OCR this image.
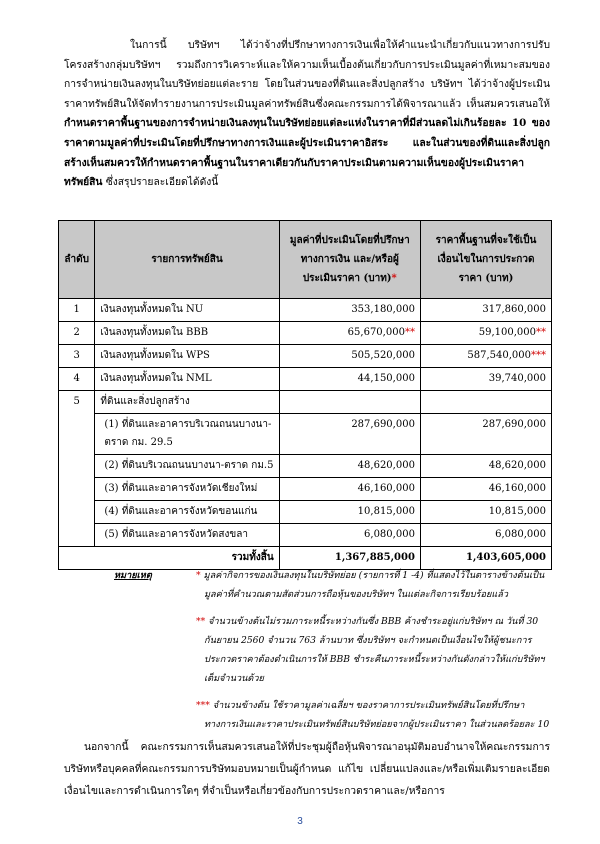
ในการนี้ บริษัทฯ ได้ว่าจ้างที่ปรึกษาทางการเงินเพื่อให้คำแนะนำเกี่ยวกับแนวทางการปรับโครงสร้างกลุ่มบริษัทฯ รวมถึงการวิเคราะห์และให้ความเห็นเบื้องต้นเกี่ยวกับการประเมินมูลค่าที่เหมาะสมของการจำหน่ายเงินลงทุนในบริษัทย่อยแต่ละราย โดยในส่วนของที่ดินและสิ่งปลูกสร้าง บริษัทฯ ได้ว่าจ้างผู้ประเมินราคาทรัพย์สินให้จัดทำรายงานการประเมินมูลค่าทรัพย์สินซึ่งคณะกรรมการได้พิจารณาแล้ว เห็นสมควรเสนอให้กำหนดราคาพื้นฐานของการจำหน่ายเงินลงทุนในบริษัทย่อยแต่ละแห่งในราคาที่มีส่วนลดไม่เกินร้อยละ 10 ของราคาตามมูลค่าที่ประเมินโดยที่ปรึกษาทางการเงินและผู้ประเมินราคาอิสระ และในส่วนของที่ดินและสิ่งปลูกสร้างเห็นสมควรให้กำหนดราคาพื้นฐานในราคาเดียวกันกับราคาประเมินตามความเห็นของผู้ประเมินราคาทรัพย์สิน ซึ่งสรุปรายละเอียดได้ดังนี้

ลำดับ	รายการทรัพย์สิน	มูลค่าที่ประเมินโดยที่ปรึกษาทางการเงิน และ/หรือผู้ประเมินราคา (บาท)*	ราคาพื้นฐานที่จะใช้เป็นเงื่อนไขในการประกวดราคา (บาท)
1	เงินลงทุนทั้งหมดใน NU	353,180,000	317,860,000
2	เงินลงทุนทั้งหมดใน BBB	65,670,000**	59,100,000**
3	เงินลงทุนทั้งหมดใน WPS	505,520,000	587,540,000***
4	เงินลงทุนทั้งหมดใน NML	44,150,000	39,740,000
5	ที่ดินและสิ่งปลูกสร้าง		

	(1) ที่ดินและอาคารบริเวณถนนบางนา-ตราด กม. 29.5	287,690,000	287,690,000

	(2) ที่ดินบริเวณถนนบางนา-ตราด กม.5	48,620,000	48,620,000

	(3) ที่ดินและอาคารจังหวัดเชียงใหม่	46,160,000	46,160,000

	(4) ที่ดินและอาคารจังหวัดขอนแก่น	10,815,000	10,815,000

	(5) ที่ดินและอาคารจังหวัดสงขลา	6,080,000	6,080,000
รวมทั้งสิ้น		1,367,885,000	1,403,605,000
หมายเหตุ	* มูลค่ากิจการของเงินลงทุนในบริษัทย่อย (รายการที่ 1 -4) ที่แสดงไว้ในตารางข้างต้นเป็นมูลค่าที่คำนวณตามสัดส่วนการถือหุ้นของบริษัทฯ ในแต่ละกิจการเรียบร้อยแล้ว
** จำนวนข้างต้นไม่รวมภาระหนี้ระหว่างกันซึ่ง BBB ค้างชำระอยู่แก่บริษัทฯ ณ วันที่ 30 กันยายน 2560 จำนวน 763 ล้านบาท ซึ่งบริษัทฯ จะกำหนดเป็นเงื่อนไขให้ผู้ชนะการประกวดราคาต้องดำเนินการให้ BBB ชำระคืนภาระหนี้ระหว่างกันดังกล่าวให้แก่บริษัทฯ เต็มจำนวนด้วย
*** จำนวนข้างต้น ใช้ราคามูลค่าเฉลี่ยฯ ของราคาการประเมินทรัพย์สินโดยที่ปรึกษาทางการเงินและราคาประเมินทรัพย์สินบริษัทย่อยจากผู้ประเมินราคา ในส่วนลดร้อยละ 10
นอกจากนี้ คณะกรรมการเห็นสมควรเสนอให้ที่ประชุมผู้ถือหุ้นพิจารณาอนุมัติมอบอำนาจให้คณะกรรมการบริษัทหรือบุคคลที่คณะกรรมการบริษัทมอบหมายเป็นผู้กำหนด แก้ไข เปลี่ยนแปลงและ/หรือเพิ่มเติมรายละเอียด เงื่อนไขและการดำเนินการใดๆ ที่จำเป็นหรือเกี่ยวข้องกับการประกวดราคาและ/หรือการ
3
